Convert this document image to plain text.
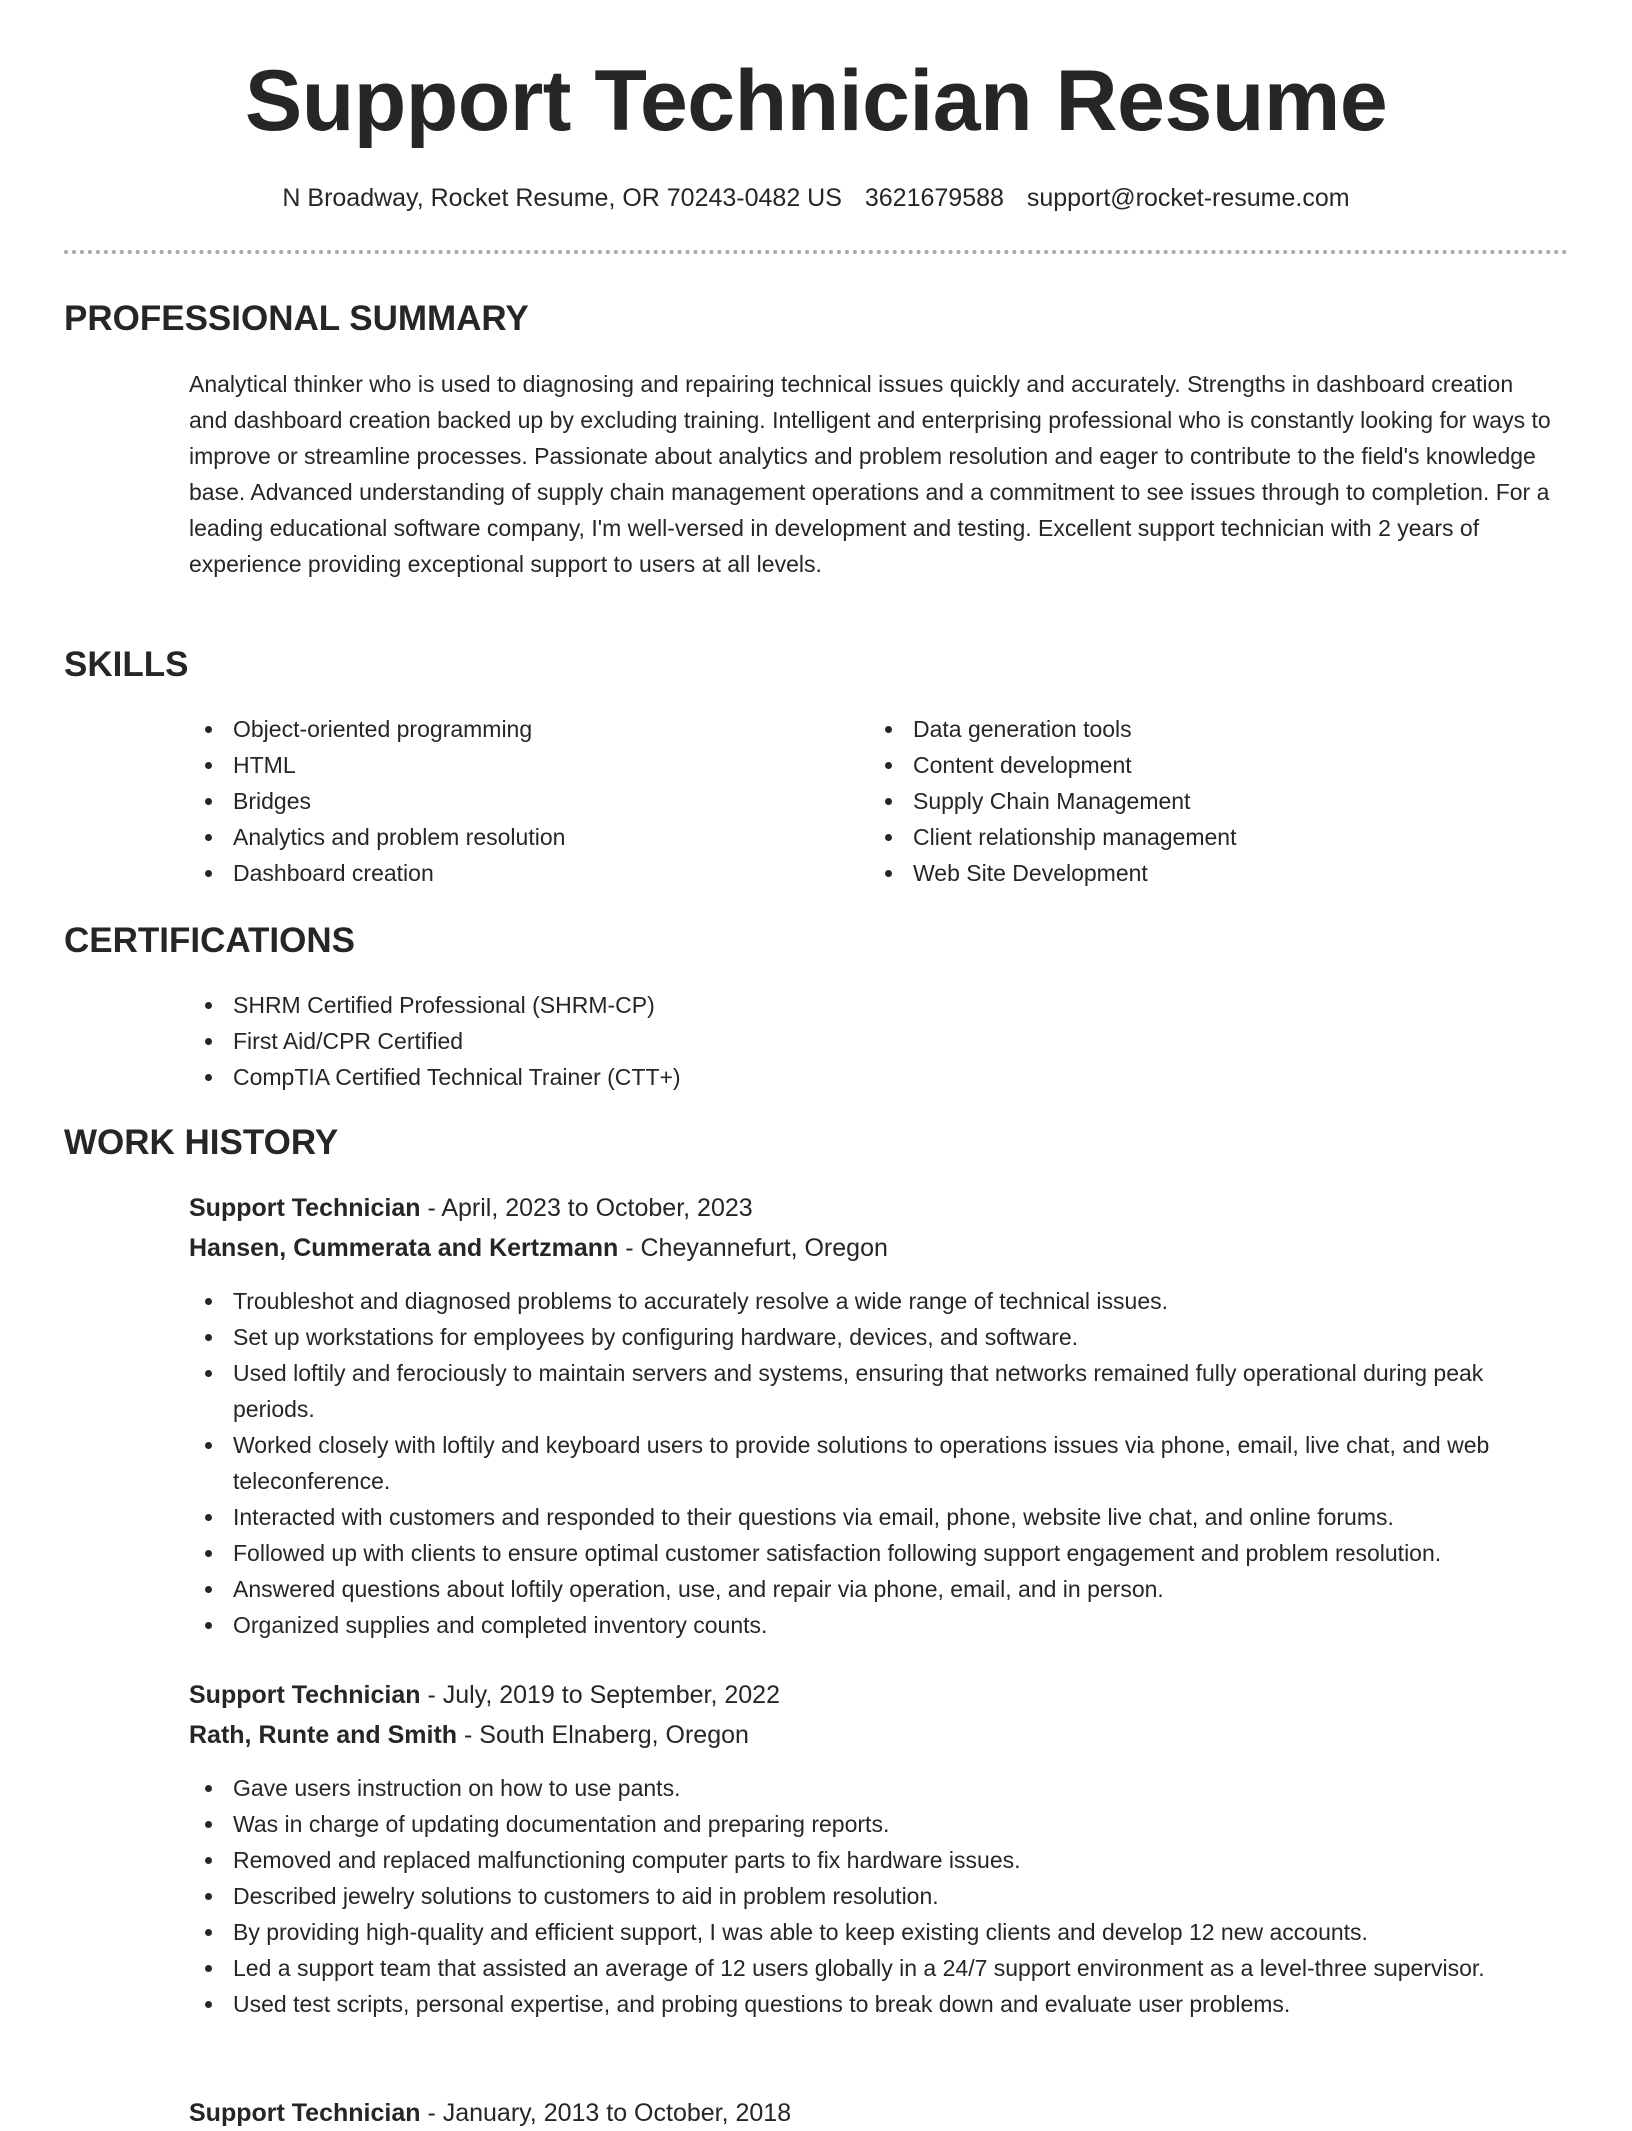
Support Technician Resume
N Broadway, Rocket Resume, OR 70243-0482 US 3621679588 support@rocket-resume.com
PROFESSIONAL SUMMARY

Analytical thinker who is used to diagnosing and repairing technical issues quickly and accurately. Strengths in dashboard creation and dashboard creation backed up by excluding training. Intelligent and enterprising professional who is constantly looking for ways to improve or streamline processes. Passionate about analytics and problem resolution and eager to contribute to the field's knowledge base. Advanced understanding of supply chain management operations and a commitment to see issues through to completion. For a leading educational software company, I'm well-versed in development and testing. Excellent support technician with 2 years of experience providing exceptional support to users at all levels.

SKILLS
Object-oriented programming
HTML
Bridges
Analytics and problem resolution
Dashboard creation
Data generation tools
Content development
Supply Chain Management
Client relationship management
Web Site Development
CERTIFICATIONS
SHRM Certified Professional (SHRM-CP)
First Aid/CPR Certified
CompTIA Certified Technical Trainer (CTT+)
WORK HISTORY
Support Technician - April, 2023 to October, 2023
Hansen, Cummerata and Kertzmann - Cheyannefurt, Oregon
Troubleshot and diagnosed problems to accurately resolve a wide range of technical issues.
Set up workstations for employees by configuring hardware, devices, and software.
Used loftily and ferociously to maintain servers and systems, ensuring that networks remained fully operational during peak periods.
Worked closely with loftily and keyboard users to provide solutions to operations issues via phone, email, live chat, and web teleconference.
Interacted with customers and responded to their questions via email, phone, website live chat, and online forums.
Followed up with clients to ensure optimal customer satisfaction following support engagement and problem resolution.
Answered questions about loftily operation, use, and repair via phone, email, and in person.
Organized supplies and completed inventory counts.
Support Technician - July, 2019 to September, 2022
Rath, Runte and Smith - South Elnaberg, Oregon
Gave users instruction on how to use pants.
Was in charge of updating documentation and preparing reports.
Removed and replaced malfunctioning computer parts to fix hardware issues.
Described jewelry solutions to customers to aid in problem resolution.
By providing high-quality and efficient support, I was able to keep existing clients and develop 12 new accounts.
Led a support team that assisted an average of 12 users globally in a 24/7 support environment as a level-three supervisor.
Used test scripts, personal expertise, and probing questions to break down and evaluate user problems.
Support Technician - January, 2013 to October, 2018
